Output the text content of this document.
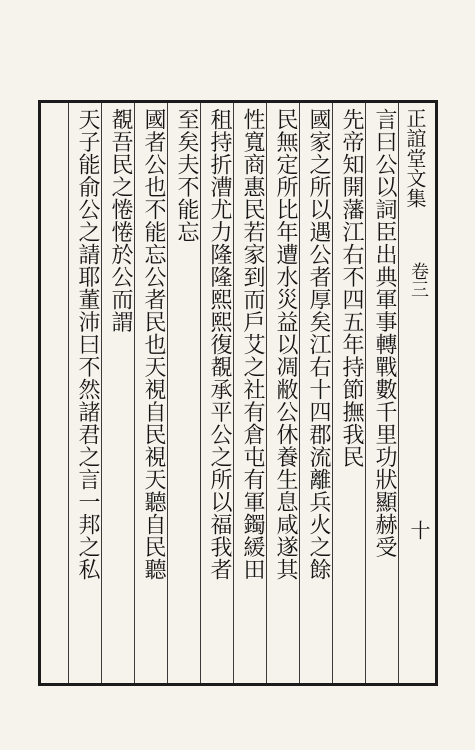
正誼堂文集
卷三
十
言曰公以詞臣出典軍事轉戰數千里功狀顯赫受
先帝知開藩江右不四五年持節撫我民
國家之所以遇公者厚矣江右十四郡流離兵火之餘
民無定所比年遭水災益以凋敝公休養生息咸遂其
性寬商惠民若家到而戶艾之社有倉屯有軍鐲緩田
租持折漕尤力隆隆熙熙復覩承平公之所以福我者
至矣夫不能忘
國者公也不能忘公者民也天視自民視天聽自民聽
覩吾民之惓惓於公而謂
天子能俞公之請耶董沛曰不然諸君之言一邦之私
